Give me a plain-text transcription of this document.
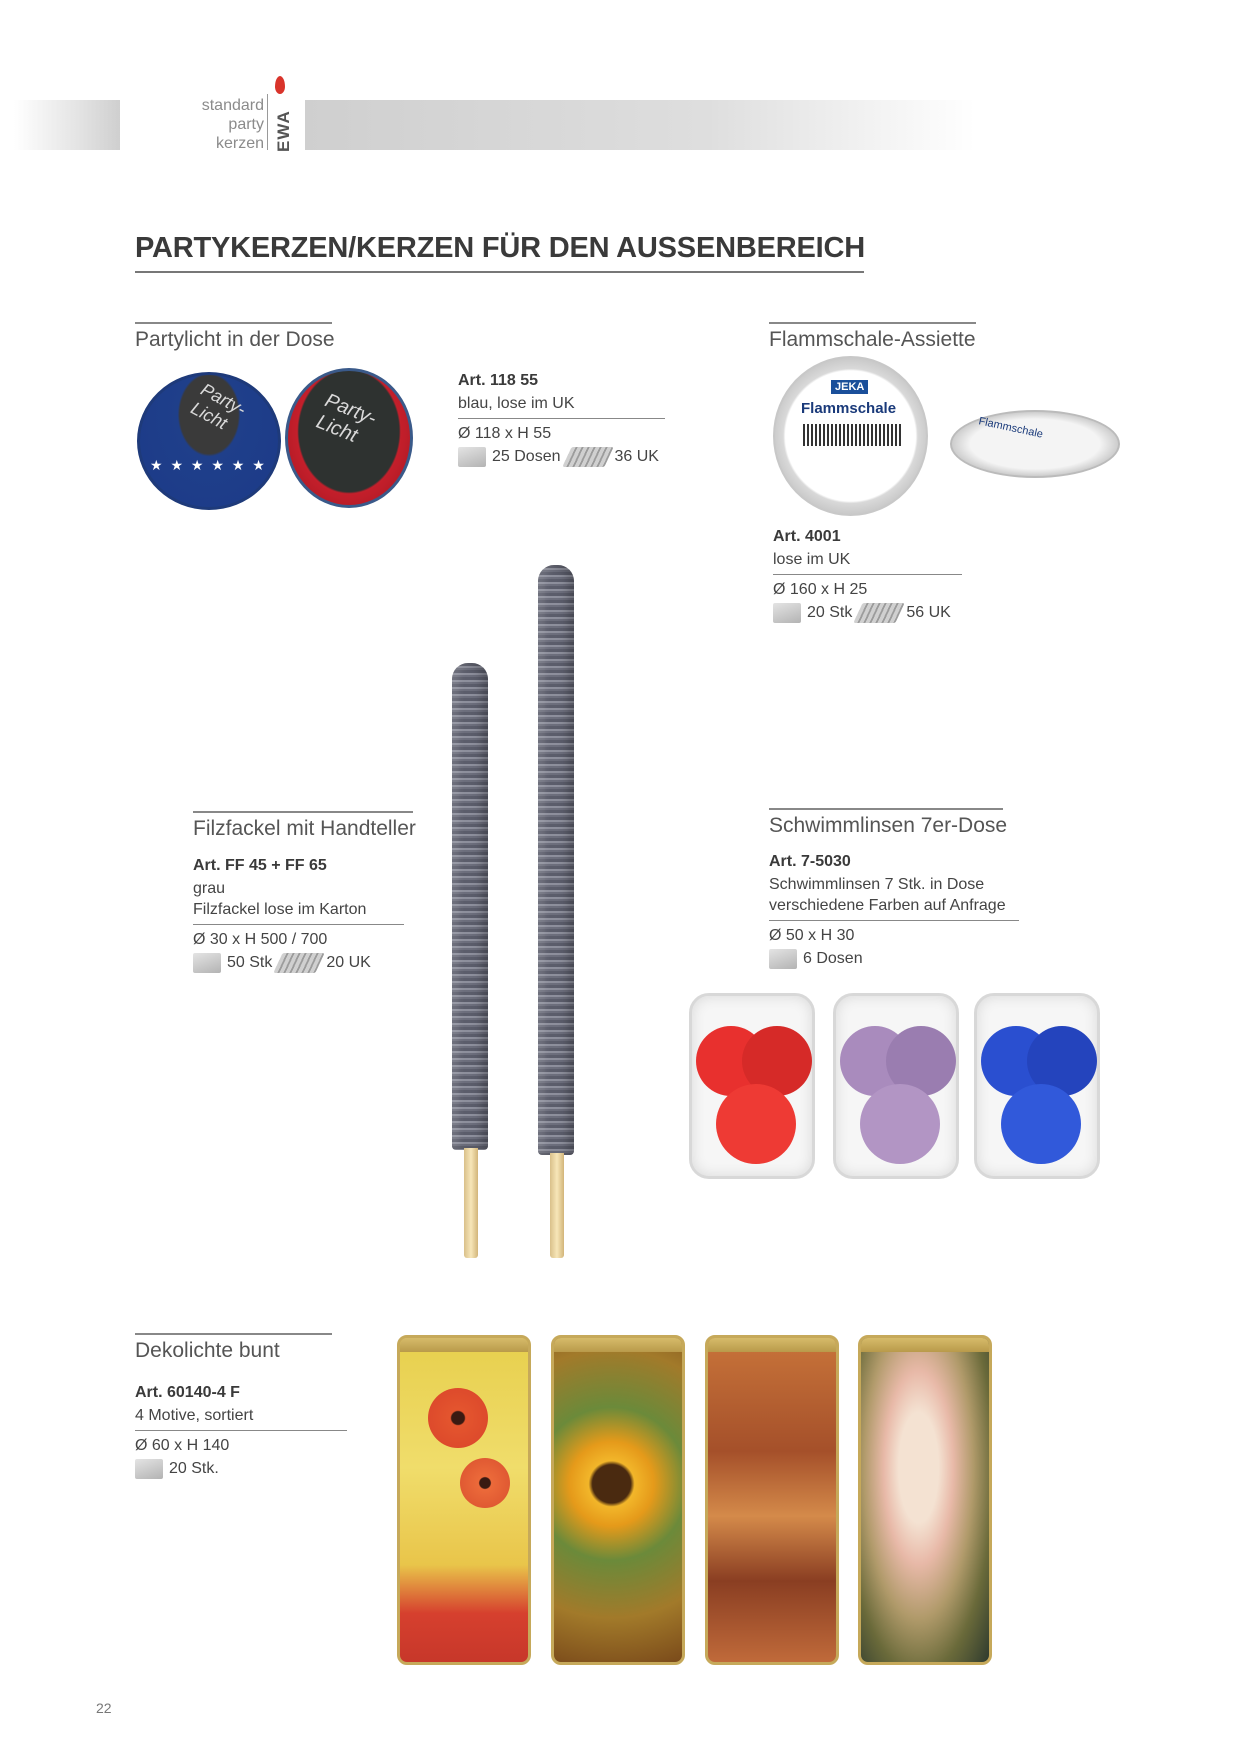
standard
party
kerzen EWA
PARTYKERZEN/KERZEN FÜR DEN AUSSENBEREICH
Partylicht in der Dose
Party-Licht
★ ★ ★ ★ ★ ★	Party-Licht
Art. 118 55
blau, lose im UK
Ø 118 x H 55
25 Dosen	36 UK
Flammschale-Assiette
JEKA
Flammschale
Flammschale
Art. 4001
lose im UK
Ø 160 x H 25
20 Stk	56 UK
Filzfackel mit Handteller
Art. FF 45 + FF 65
grau
Filzfackel lose im Karton
Ø 30 x H 500 / 700
50 Stk	20 UK
Schwimmlinsen 7er-Dose
Art. 7-5030
Schwimmlinsen 7 Stk. in Dose
verschiedene Farben auf Anfrage
Ø 50 x H 30
6 Dosen
Dekolichte bunt
Art. 60140-4 F
4 Motive, sortiert
Ø 60 x H 140
20 Stk.
22
